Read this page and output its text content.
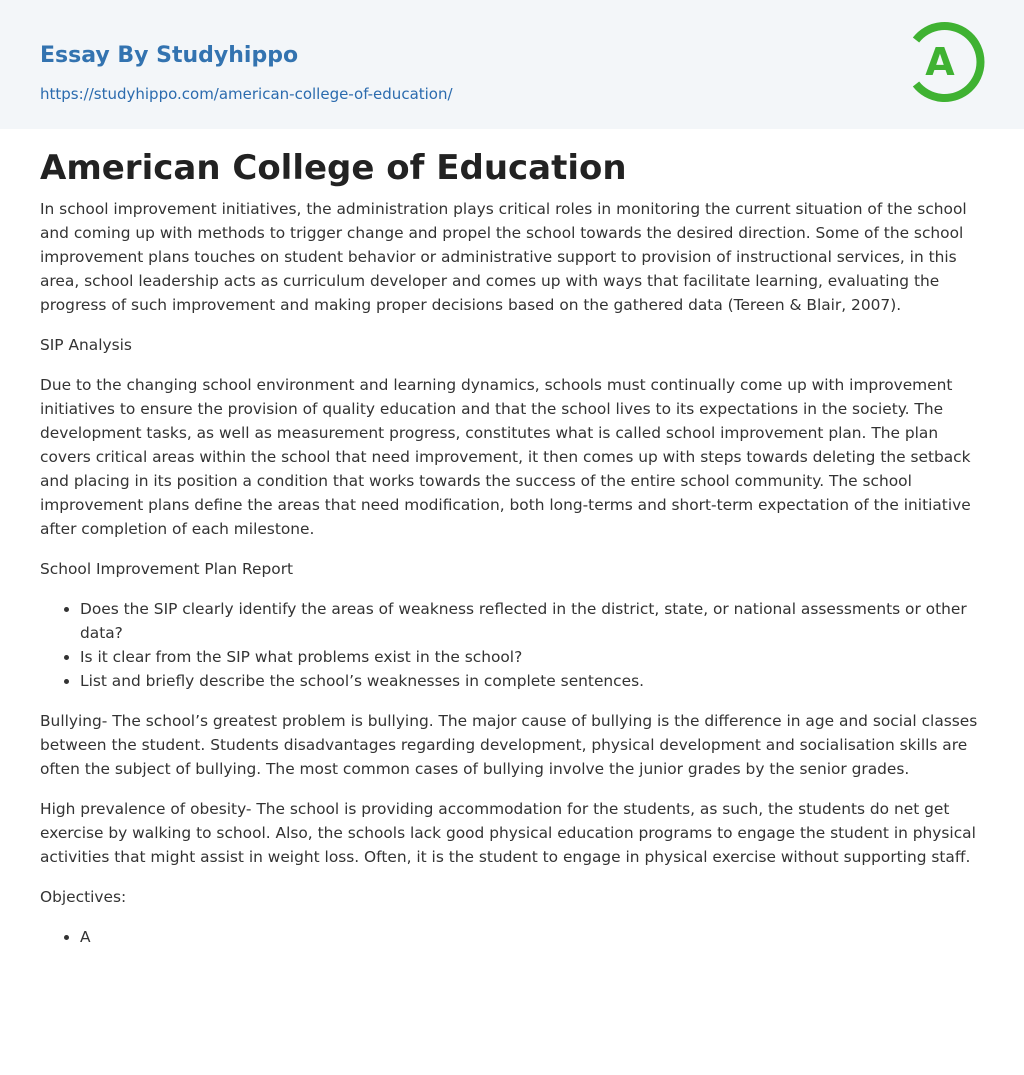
Essay By Studyhippo
https://studyhippo.com/american-college-of-education/
A
American College of Education

In school improvement initiatives, the administration plays critical roles in monitoring the current situation of the school and coming up with methods to trigger change and propel the school towards the desired direction. Some of the school improvement plans touches on student behavior or administrative support to provision of instructional services, in this area, school leadership acts as curriculum developer and comes up with ways that facilitate learning, evaluating the progress of such improvement and making proper decisions based on the gathered data (Tereen & Blair, 2007).

SIP Analysis

Due to the changing school environment and learning dynamics, schools must continually come up with improvement initiatives to ensure the provision of quality education and that the school lives to its expectations in the society. The development tasks, as well as measurement progress, constitutes what is called school improvement plan. The plan covers critical areas within the school that need improvement, it then comes up with steps towards deleting the setback and placing in its position a condition that works towards the success of the entire school community. The school improvement plans define the areas that need modification, both long-terms and short-term expectation of the initiative after completion of each milestone.

School Improvement Plan Report

• Does the SIP clearly identify the areas of weakness reflected in the district, state, or national assessments or other data?
• Is it clear from the SIP what problems exist in the school?
• List and briefly describe the school’s weaknesses in complete sentences.

Bullying- The school’s greatest problem is bullying. The major cause of bullying is the difference in age and social classes between the student. Students disadvantages regarding development, physical development and socialisation skills are often the subject of bullying. The most common cases of bullying involve the junior grades by the senior grades.

High prevalence of obesity- The school is providing accommodation for the students, as such, the students do net get exercise by walking to school. Also, the schools lack good physical education programs to engage the student in physical activities that might assist in weight loss. Often, it is the student to engage in physical exercise without supporting staff.

Objectives:

• A
